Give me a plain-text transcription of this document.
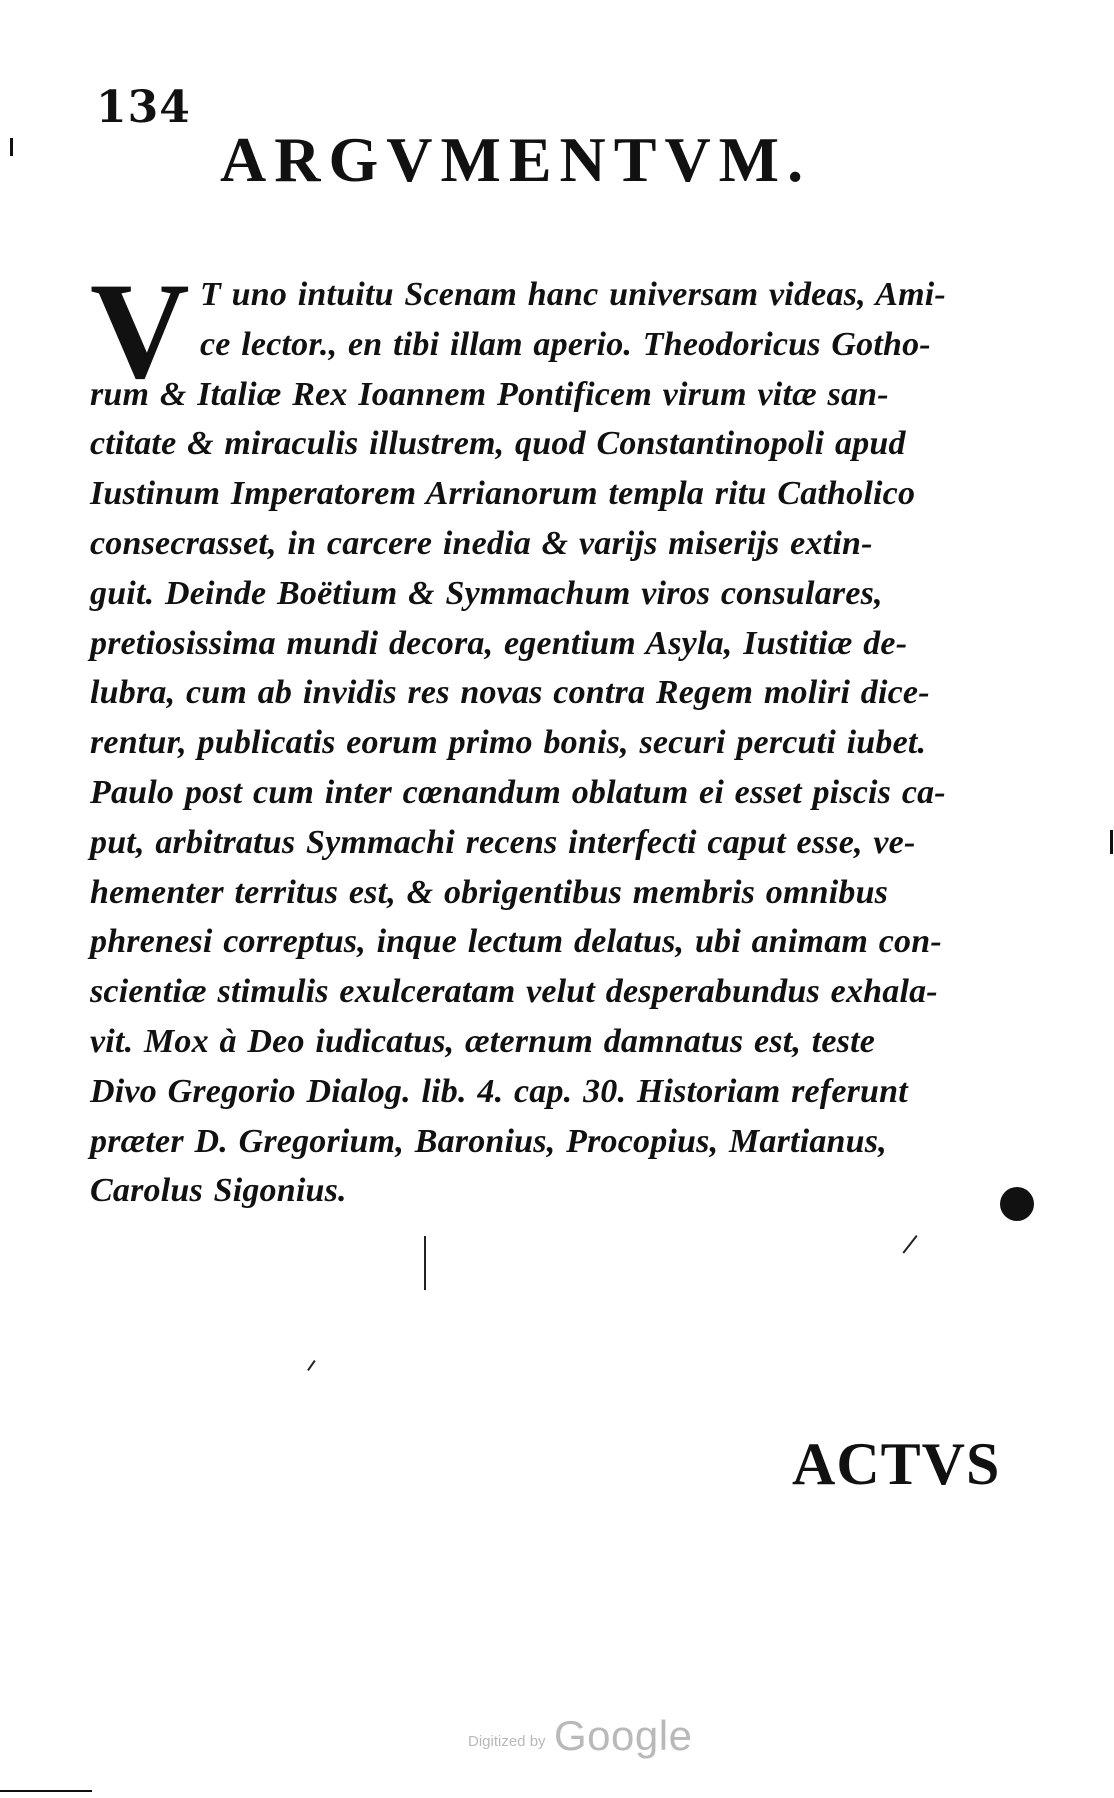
134
ARGVMENTVM.
V T uno intuitu Scenam hanc universam videas, Ami-
ce lector., en tibi illam aperio. Theodoricus Gotho-
rum & Italiæ Rex Ioannem Pontificem virum vitæ san-
ctitate & miraculis illustrem, quod Constantinopoli apud
Iustinum Imperatorem Arrianorum templa ritu Catholico
consecrasset, in carcere inedia & varijs miserijs extin-
guit. Deinde Boëtium & Symmachum viros consulares,
pretiosissima mundi decora, egentium Asyla, Iustitiæ de-
lubra, cum ab invidis res novas contra Regem moliri dice-
rentur, publicatis eorum primo bonis, securi percuti iubet.
Paulo post cum inter cœnandum oblatum ei esset piscis ca-
put, arbitratus Symmachi recens interfecti caput esse, ve-
hementer territus est, & obrigentibus membris omnibus
phrenesi correptus, inque lectum delatus, ubi animam con-
scientiæ stimulis exulceratam velut desperabundus exhala-
vit. Mox à Deo iudicatus, æternum damnatus est, teste
Divo Gregorio Dialog. lib. 4. cap. 30. Historiam referunt
præter D. Gregorium, Baronius, Procopius, Martianus,
Carolus Sigonius.
ACTVS
Digitized by Google
